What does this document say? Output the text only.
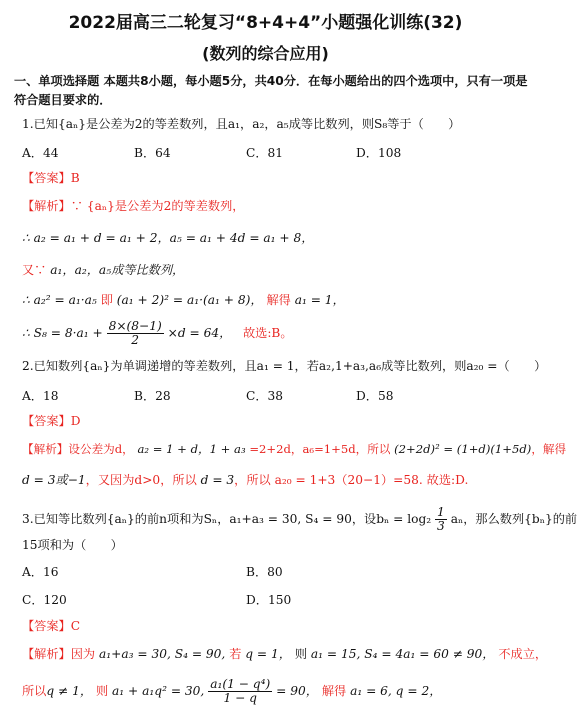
2022届高三二轮复习“8+4+4”小题强化训练(32)
(数列的综合应用)
一、单项选择题 本题共8小题，每小题5分，共40分．在每小题给出的四个选项中，只有一项是
符合题目要求的．
1.已知{aₙ}是公差为2的等差数列，且a₁，a₂，a₅成等比数列，则S₈等于（　　）
A．44	B．64	C．81	D．108
【答案】B
【解析】∵ {aₙ}是公差为2的等差数列，
∴ a₂ = a₁ + d = a₁ + 2，a₅ = a₁ + 4d = a₁ + 8，
又∵ a₁，a₂，a₅成等比数列，
∴ a₂² = a₁·a₅ 即 (a₁ + 2)² = a₁·(a₁ + 8)， 解得 a₁ = 1，
∴ $S_8 = 8\cdot a_1 + \frac{8\times(8-1)}{2} \times d = 64$， 故选:B。
2.已知数列{aₙ}为单调递增的等差数列，且a₁ = 1，若a₂,1+a₃,a₆成等比数列，则a₂₀ =（　　）
A．18	B．28	C．38	D．58
【答案】D
【解析】设公差为d， a₂ = 1 + d，1 + a₃ =2+2d，a₆=1+5d，所以 (2+2d)² = (1+d)(1+5d)，解得
d = 3或−1，又因为d>0，所以 d = 3，所以 a₂₀ = 1+3（20−1）=58. 故选:D.
3.已知等比数列{aₙ}的前n项和为Sₙ，a₁+a₃ = 30, S₄ = 90，设$b_n = \log_2 \frac{1}{3}$ aₙ，那么数列{bₙ}的前
15项和为（　　）
A．16	B．80
C．120	D．150
【答案】C
【解析】因为 a₁+a₃ = 30, S₄ = 90, 若 q = 1， 则 a₁ = 15, S₄ = 4a₁ = 60 ≠ 90， 不成立，
所以q ≠ 1， 则 a₁ + a₁q² = 30, $\frac{\text{a₁(1 − q⁴)}}{1 - q} = 90$， 解得 a₁ = 6, q = 2，
